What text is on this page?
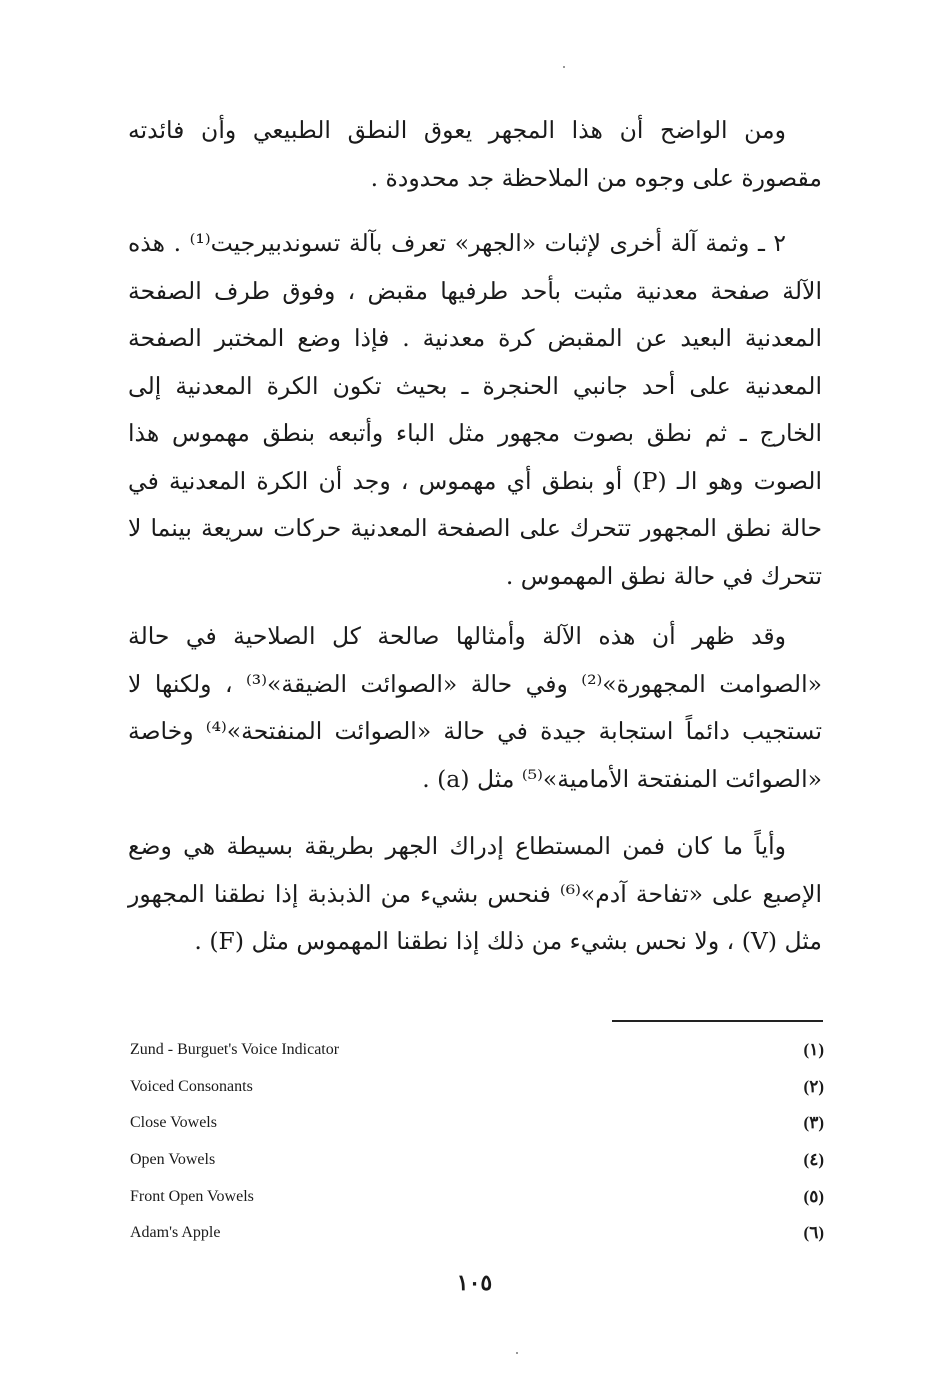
ومن الواضح أن هذا المجهر يعوق النطق الطبيعي وأن فائدته مقصورة على وجوه من الملاحظة جد محدودة .

٢ ـ وثمة آلة أخرى لإثبات «الجهر» تعرف بآلة تسوندبيرجيت⁽¹⁾ . هذه الآلة صفحة معدنية مثبت بأحد طرفيها مقبض ، وفوق طرف الصفحة المعدنية البعيد عن المقبض كرة معدنية . فإذا وضع المختبر الصفحة المعدنية على أحد جانبي الحنجرة ـ بحيث تكون الكرة المعدنية إلى الخارج ـ ثم نطق بصوت مجهور مثل الباء وأتبعه بنطق مهموس هذا الصوت وهو الـ (P) أو بنطق أي مهموس ، وجد أن الكرة المعدنية في حالة نطق المجهور تتحرك على الصفحة المعدنية حركات سريعة بينما لا تتحرك في حالة نطق المهموس .

وقد ظهر أن هذه الآلة وأمثالها صالحة كل الصلاحية في حالة «الصوامت المجهورة»⁽²⁾ وفي حالة «الصوائت الضيقة»⁽³⁾ ، ولكنها لا تستجيب دائماً استجابة جيدة في حالة «الصوائت المنفتحة»⁽⁴⁾ وخاصة «الصوائت المنفتحة الأمامية»⁽⁵⁾ مثل (a) .

وأياً ما كان فمن المستطاع إدراك الجهر بطريقة بسيطة هي وضع الإصبع على «تفاحة آدم»⁽⁶⁾ فنحس بشيء من الذبذبة إذا نطقنا المجهور مثل (V) ، ولا نحس بشيء من ذلك إذا نطقنا المهموس مثل (F) .

Zund - Burguet's Voice Indicator	(١)
Voiced Consonants	(٢)
Close Vowels	(٣)
Open Vowels	(٤)
Front Open Vowels	(٥)
Adam's Apple	(٦)
١٠٥
